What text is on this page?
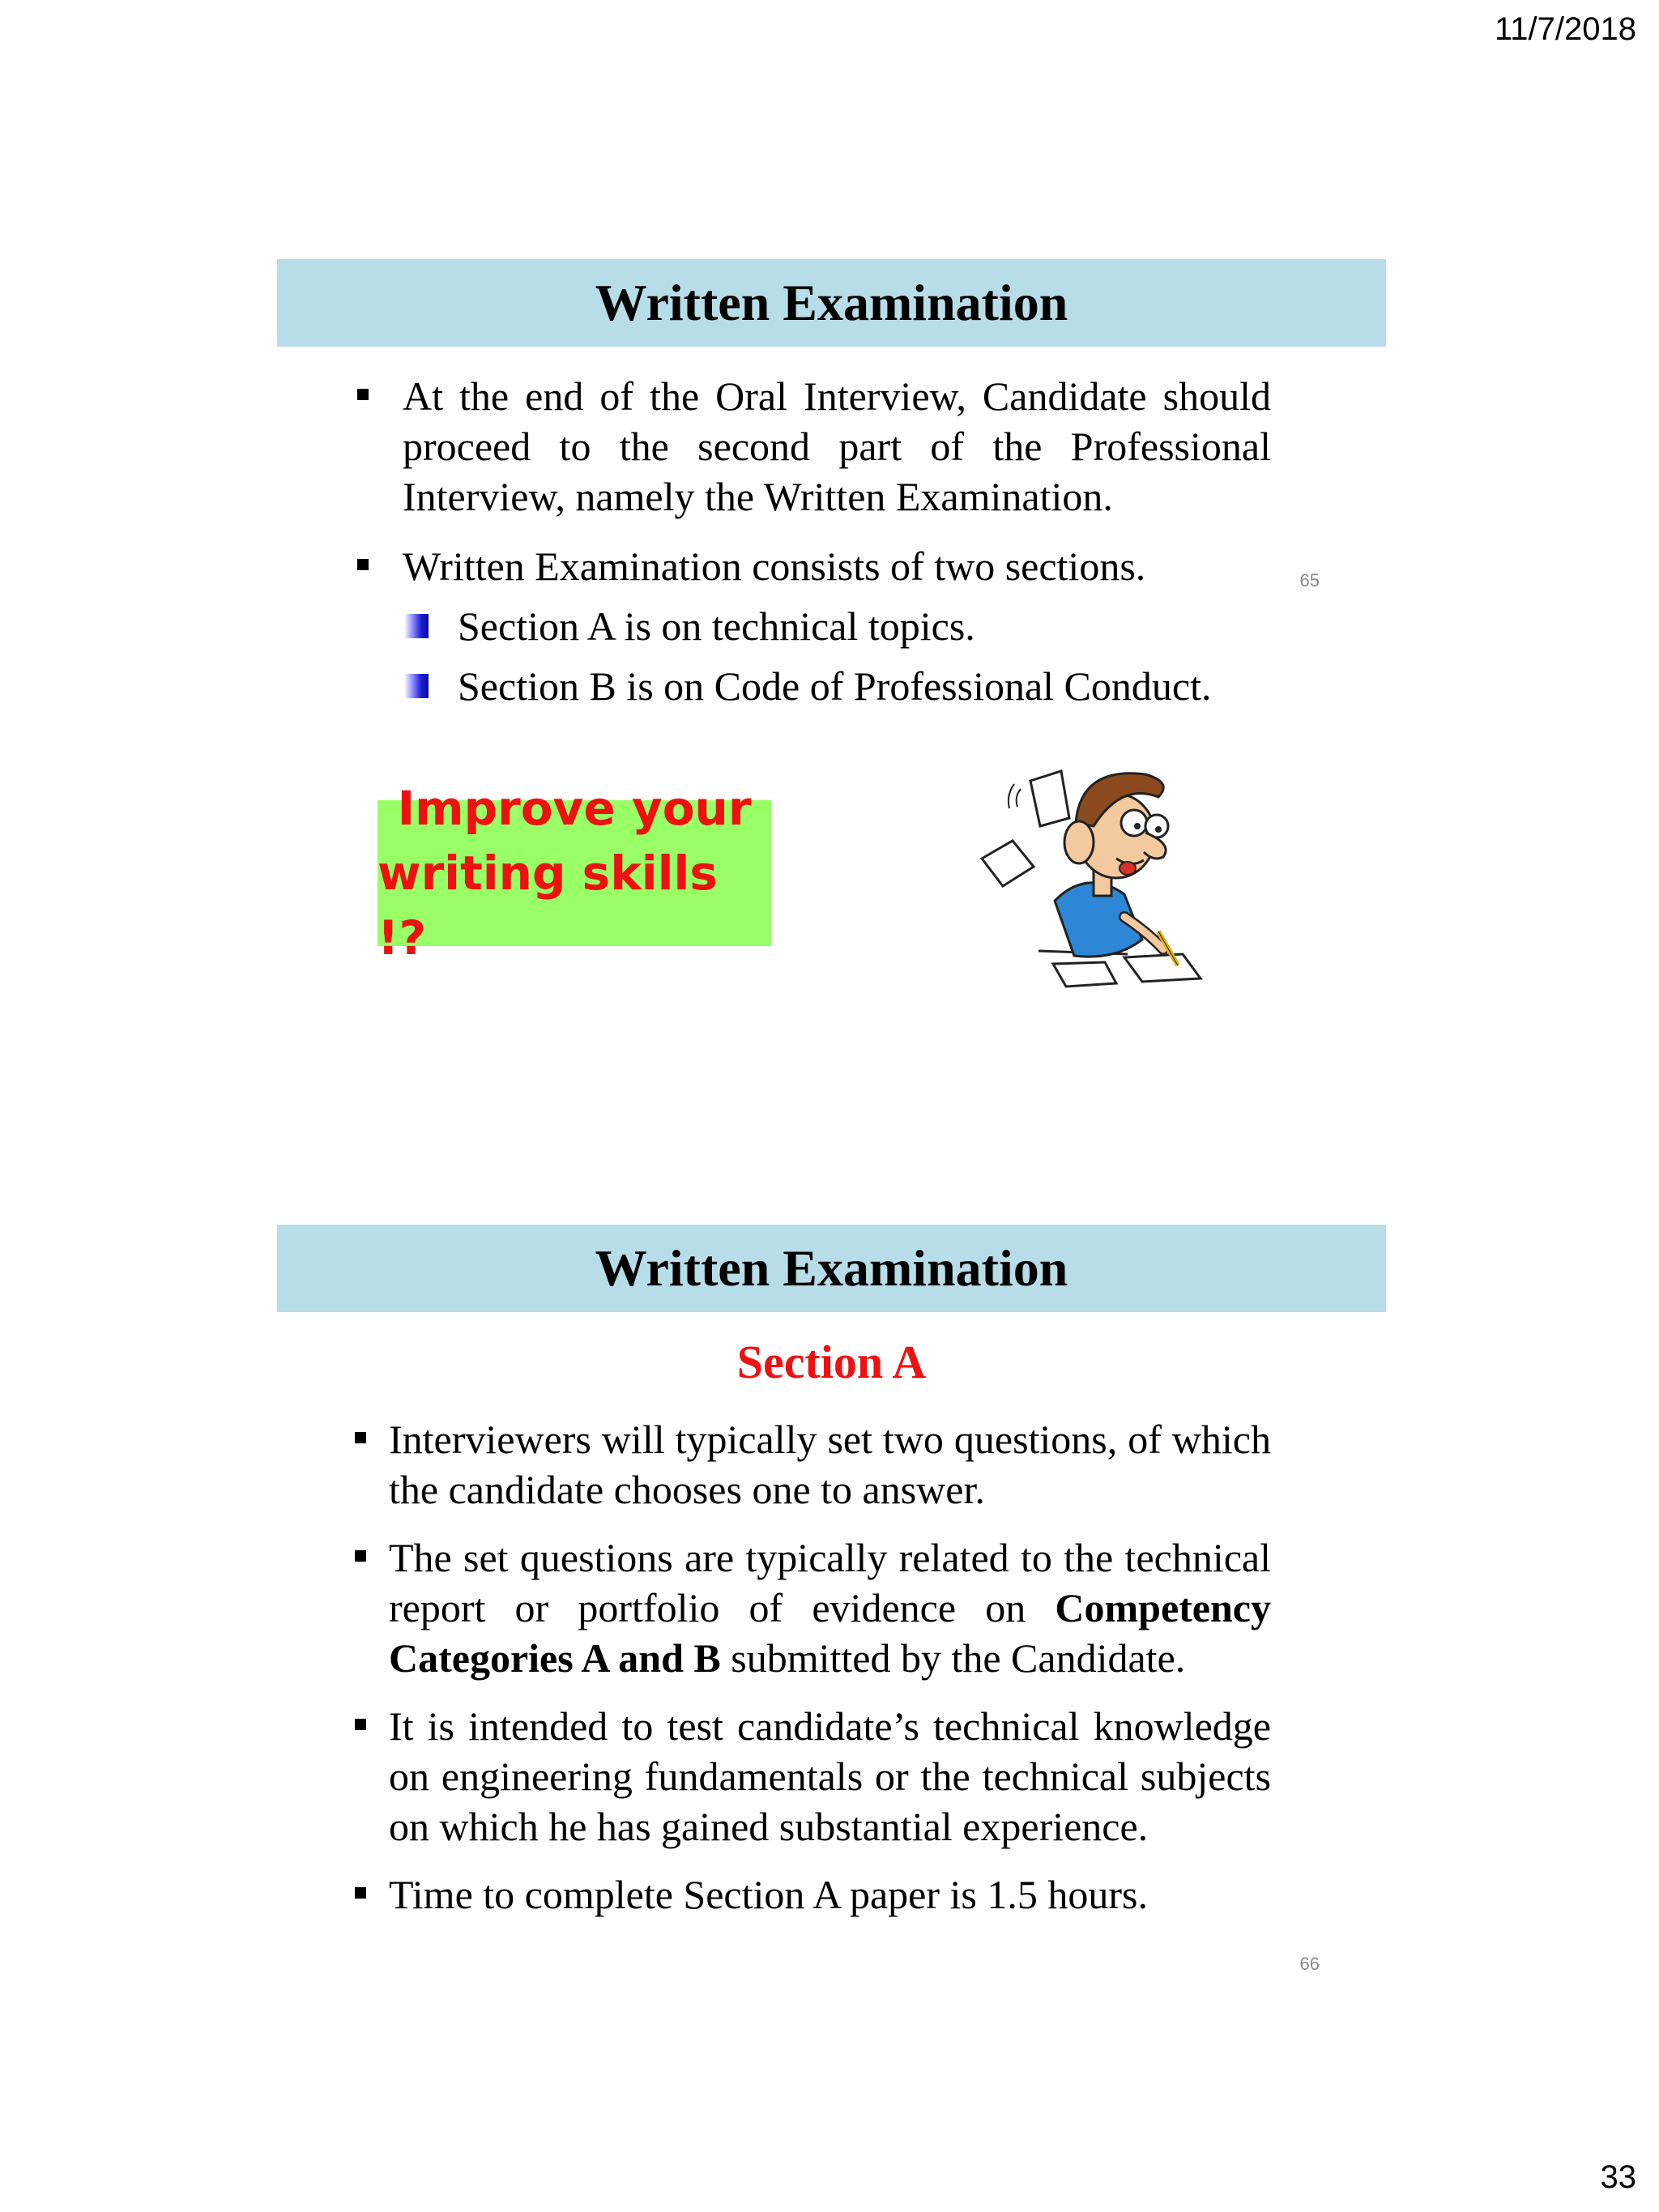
11/7/2018
Written Examination
At the end of the Oral Interview, Candidate should proceed to the second part of the Professional Interview, namely the Written Examination.
Written Examination consists of two sections.
Section A is on technical topics.
Section B is on Code of Professional Conduct.
Improve your
writing skills !?
65
Written Examination
Section A
Interviewers will typically set two questions, of which the candidate chooses one to answer.
The set questions are typically related to the technical report or portfolio of evidence on Competency Categories A and B submitted by the Candidate.
It is intended to test candidate’s technical knowledge on engineering fundamentals or the technical subjects on which he has gained substantial experience.
Time to complete Section A paper is 1.5 hours.
66
33
